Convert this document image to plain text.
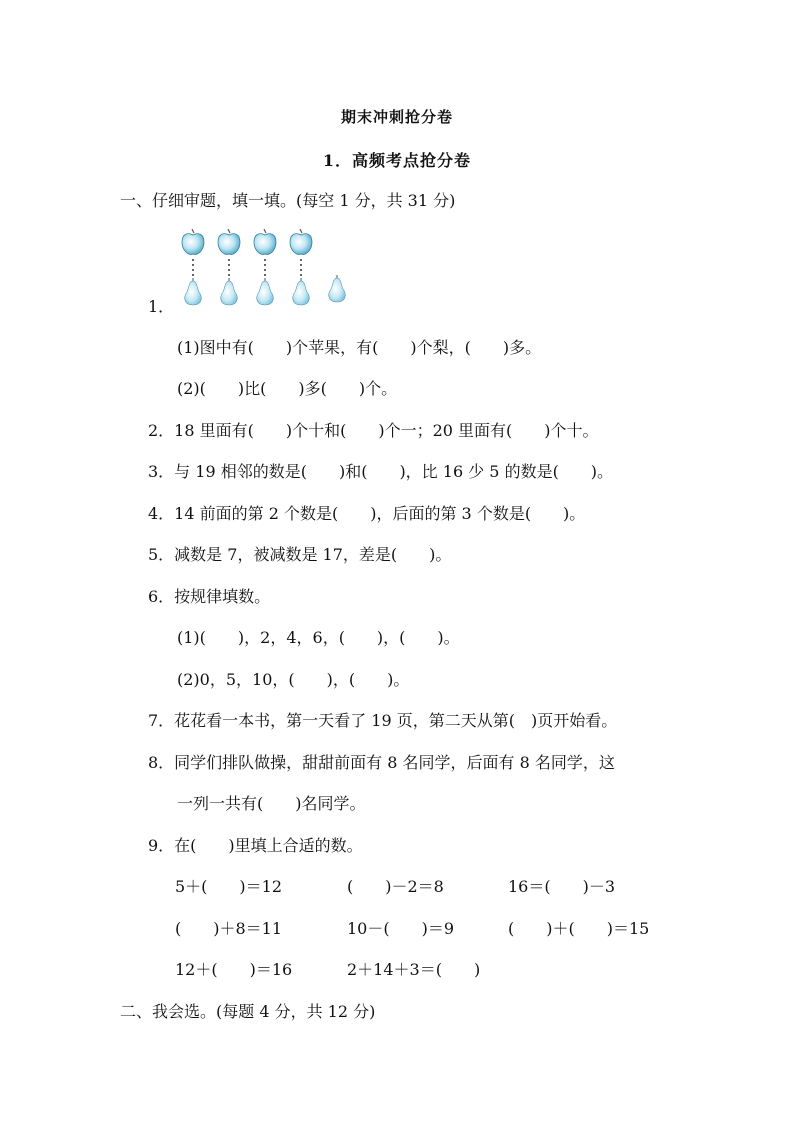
期末冲刺抢分卷
1．高频考点抢分卷
一、仔细审题，填一填。(每空 1 分，共 31 分)
1．
(1)图中有(　　)个苹果，有(　　)个梨，(　　)多。
(2)(　　)比(　　)多(　　)个。
2．18 里面有(　　)个十和(　　)个一；20 里面有(　　)个十。
3．与 19 相邻的数是(　　)和(　　)，比 16 少 5 的数是(　　)。
4．14 前面的第 2 个数是(　　)，后面的第 3 个数是(　　)。
5．减数是 7，被减数是 17，差是(　　)。
6．按规律填数。
(1)(　　)，2，4，6，(　　)，(　　)。
(2)0，5，10，(　　)，(　　)。
7．花花看一本书，第一天看了 19 页，第二天从第(　)页开始看。
8．同学们排队做操，甜甜前面有 8 名同学，后面有 8 名同学，这
一列一共有(　　)名同学。
9．在(　　)里填上合适的数。
5＋(　　)＝12	(　　)－2＝8	16＝(　　)－3
(　　)＋8＝11	10－(　　)＝9	(　　)＋(　　)＝15
12＋(　　)＝16	2＋14＋3＝(　　)
二、我会选。(每题 4 分，共 12 分)
